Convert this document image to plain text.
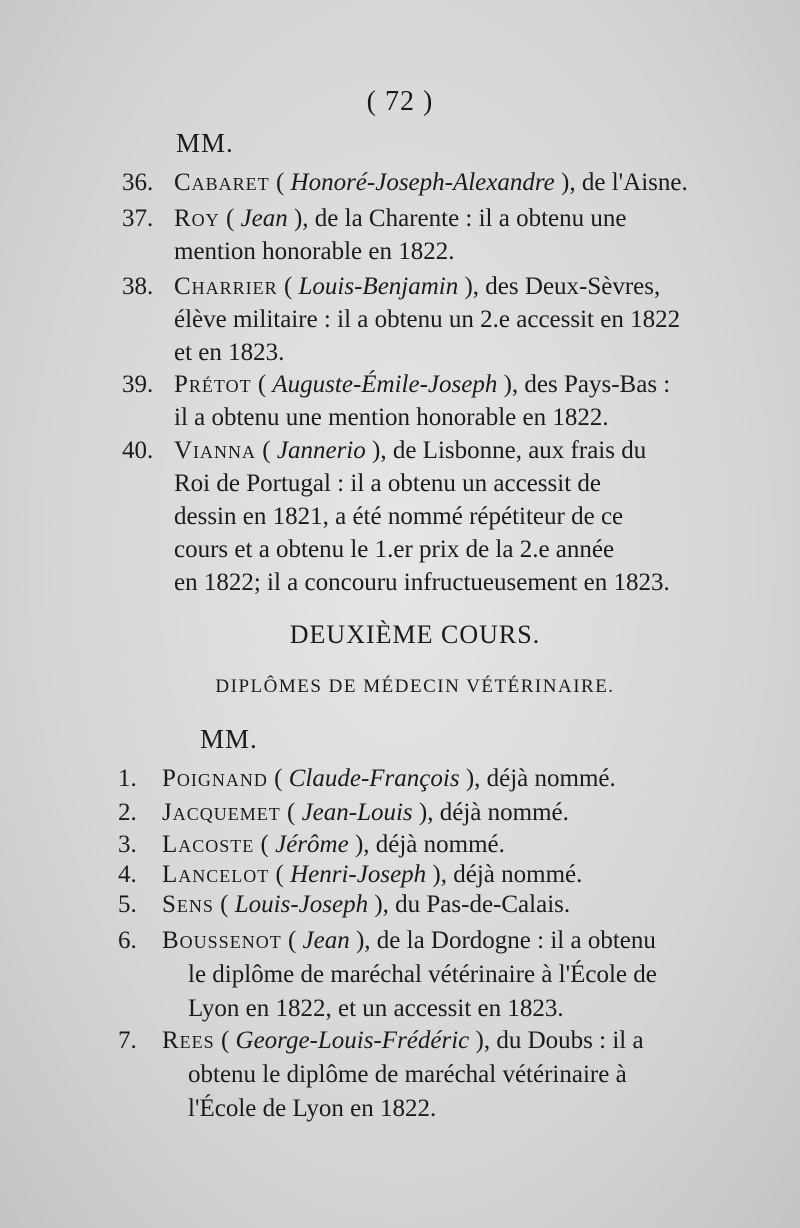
( 72 )
MM.
36. Cabaret ( Honoré-Joseph-Alexandre ), de l'Aisne.
37. Roy ( Jean ), de la Charente : il a obtenu une
mention honorable en 1822.
38. Charrier ( Louis-Benjamin ), des Deux-Sèvres,
élève militaire : il a obtenu un 2.e accessit en 1822
et en 1823.
39. Prétot ( Auguste-Émile-Joseph ), des Pays-Bas :
il a obtenu une mention honorable en 1822.
40. Vianna ( Jannerio ), de Lisbonne, aux frais du
Roi de Portugal : il a obtenu un accessit de
dessin en 1821, a été nommé répétiteur de ce
cours et a obtenu le 1.er prix de la 2.e année
en 1822; il a concouru infructueusement en 1823.
DEUXIÈME COURS.
DIPLÔMES DE MÉDECIN VÉTÉRINAIRE.
MM.
1. Poignand ( Claude-François ), déjà nommé.
2. Jacquemet ( Jean-Louis ), déjà nommé.
3. Lacoste ( Jérôme ), déjà nommé.
4. Lancelot ( Henri-Joseph ), déjà nommé.
5. Sens ( Louis-Joseph ), du Pas-de-Calais.
6. Boussenot ( Jean ), de la Dordogne : il a obtenu
le diplôme de maréchal vétérinaire à l'École de
Lyon en 1822, et un accessit en 1823.
7. Rees ( George-Louis-Frédéric ), du Doubs : il a
obtenu le diplôme de maréchal vétérinaire à
l'École de Lyon en 1822.
